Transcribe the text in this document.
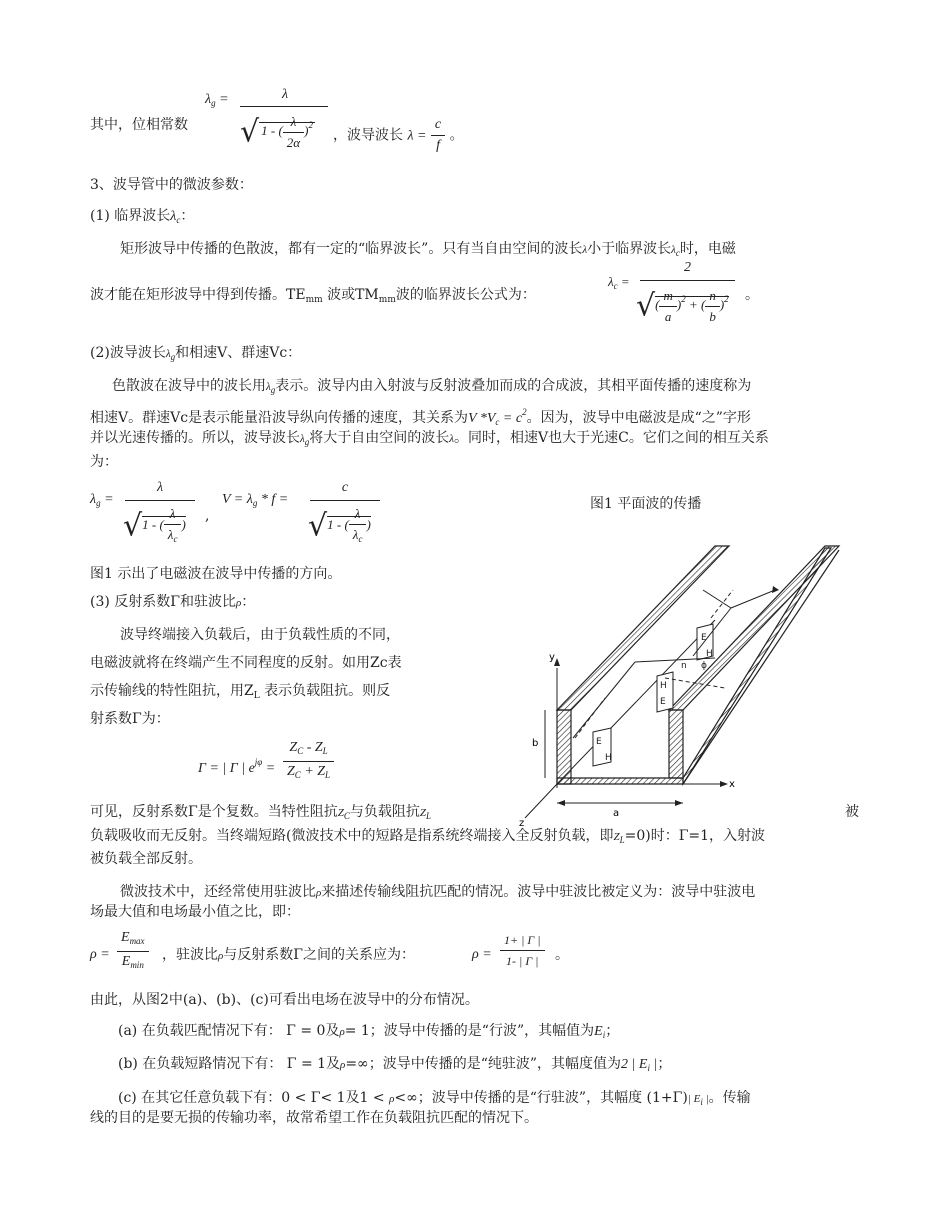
其中，位相常数
$\lambda_g$ =	λ
√ 1 - ( $\frac{\lambda}{2\alpha} )^2$
，波导波长 $\lambda = \frac{c}{f}$ 。
3、波导管中的微波参数：
(1) 临界波长$\lambda_c$：
矩形波导中传播的色散波，都有一定的“临界波长”。只有当自由空间的波长λ小于临界波长$\lambda_c$时，电磁
波才能在矩形波导中得到传播。$TE_{mm}$ 波或$TM_{mm}$波的临界波长公式为：
$\lambda_c$ =
2
√( $\frac{m}{a} )^2$ + ( $\frac{n}{b} )^2$ 。
(2)波导波长$\lambda_g$和相速V、群速Vc：
色散波在波导中的波长用$\lambda_g$表示。波导内由入射波与反射波叠加而成的合成波，其相平面传播的速度称为
相速V。群速Vc是表示能量沿波导纵向传播的速度，其关系为V $*V_c = c^2$。因为，波导中电磁波是成“之”字形
并以光速传播的。所以，波导波长$\lambda_g$将大于自由空间的波长λ。同时，相速V也大于光速C。它们之间的相互关系
为：
$\lambda_g$ =
λ
√1 - ( $\frac{\lambda}{\lambda_c}$ )
,
$V = \lambda_g * f$ =
c
√1 - ( $\frac{\lambda}{\lambda_c}$ )
图1 平面波的传播
图1 示出了电磁波在波导中传播的方向。
(3) 反射系数Γ和驻波比ρ：
波导终端接入负载后，由于负载性质的不同，
电磁波就将在终端产生不同程度的反射。如用Zc表
示传输线的特性阻抗，用$Z_L$ 表示负载阻抗。则反
射系数Γ为：
Γ = | Γ | $e^{j\varphi} = \frac{Z_C - Z_L}{Z_C + Z_L}$
可见，反射系数Γ是个复数。当特性阻抗$Z_C$与负载阻抗$Z_L$	被
负载吸收而无反射。当终端短路(微波技术中的短路是指系统终端接入全反射负载，即$Z_L=0$)时：Γ=1，入射波
被负载全部反射。
y
x
z
a
b	E
H
H
E
E
H
n ϕ
微波技术中，还经常使用驻波比ρ来描述传输线阻抗匹配的情况。波导中驻波比被定义为：波导中驻波电
场最大值和电场最小值之比，即：
ρ =
$E_{max}$
$E_{min}$
，驻波比ρ与反射系数Γ之间的关系应为：	$\rho = \frac{1+ | \Gamma |}{1- | \Gamma |}$ 。
由此，从图2中(a)、(b)、(c)可看出电场在波导中的分布情况。
(a) 在负载匹配情况下有： Γ = 0及ρ= 1；波导中传播的是“行波”，其幅值为$E_i$；
(b) 在负载短路情况下有： Γ = 1及ρ=∞；波导中传播的是“纯驻波”，其幅度值为2 | $E_i$ |；
(c) 在其它任意负载下有：0 < Γ< 1及1 < ρ<∞；波导中传播的是“行驻波”，其幅度 (1+Γ)| $E_i$ |。传输
线的目的是要无损的传输功率，故常希望工作在负载阻抗匹配的情况下。
